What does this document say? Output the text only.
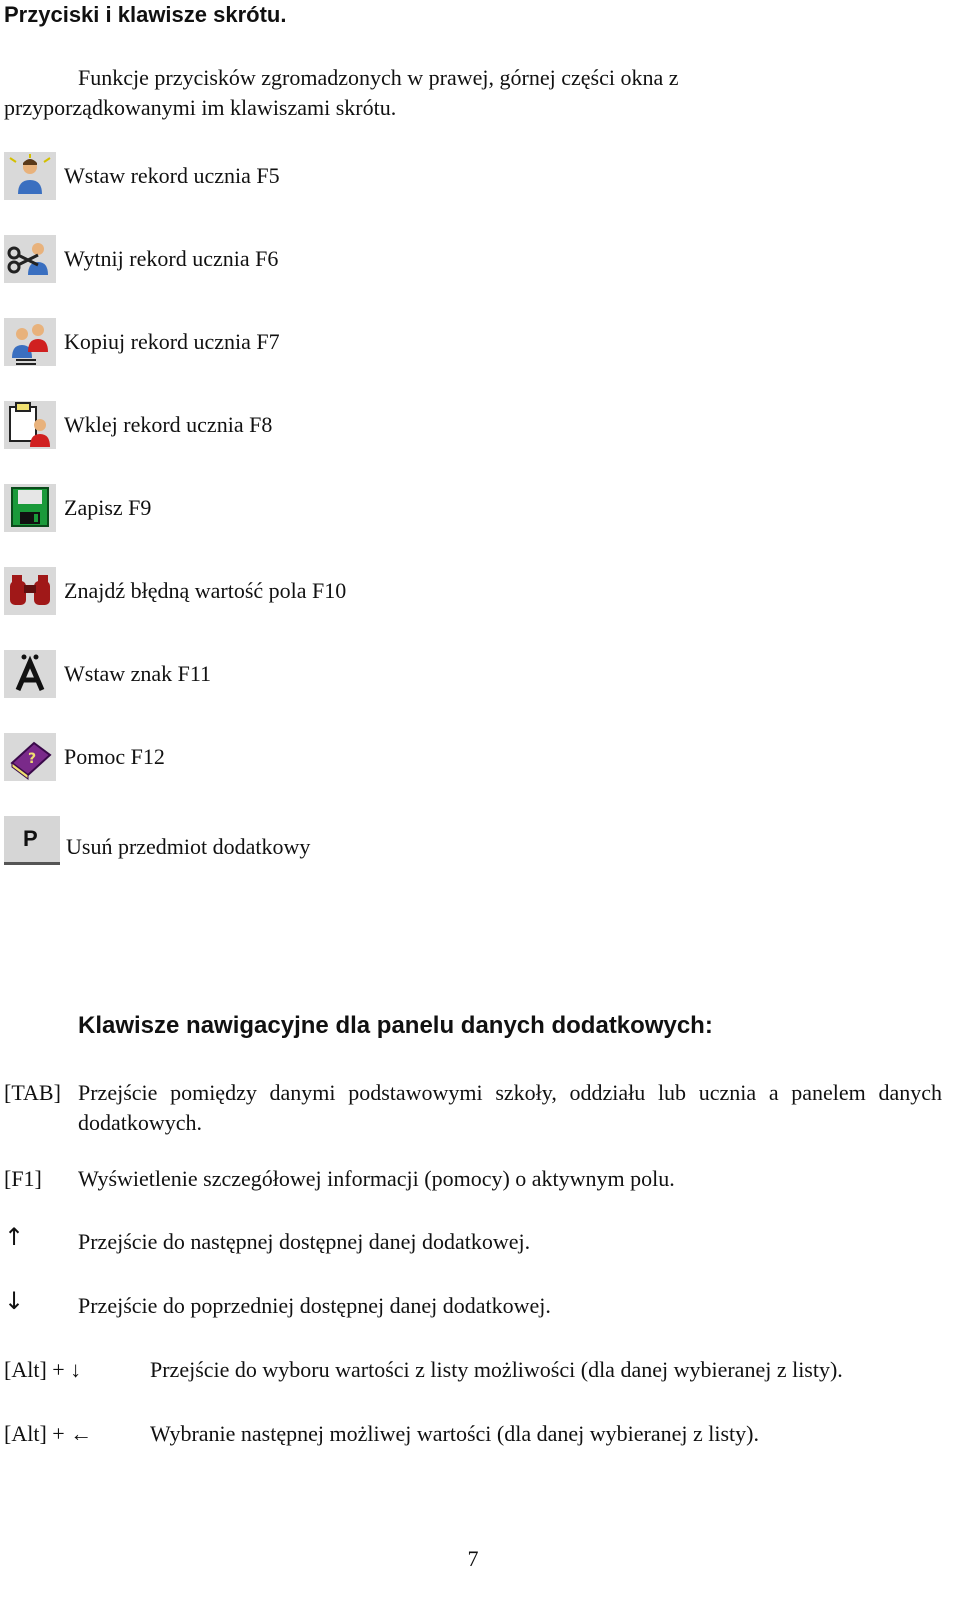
Przyciski i klawisze skrótu.
Funkcje przycisków zgromadzonych w prawej, górnej części okna z
przyporządkowanymi im klawiszami skrótu.
Wstaw rekord ucznia F5
Wytnij rekord ucznia F6
Kopiuj rekord ucznia F7
Wklej rekord ucznia F8
Zapisz F9
Znajdź błędną wartość pola F10
Wstaw znak F11
? Pomoc F12
P Usuń przedmiot dodatkowy
Klawisze nawigacyjne dla panelu danych dodatkowych:
[TAB] Przejście pomiędzy danymi podstawowymi szkoły, oddziału lub ucznia a panelem danych dodatkowych.
[F1] Wyświetlenie szczegółowej informacji (pomocy) o aktywnym polu.
↑ Przejście do następnej dostępnej danej dodatkowej.
↓ Przejście do poprzedniej dostępnej danej dodatkowej.
[Alt] + ↓	Przejście do wyboru wartości z listy możliwości (dla danej wybieranej z listy).
[Alt] + ←	Wybranie następnej możliwej wartości (dla danej wybieranej z listy).
7
